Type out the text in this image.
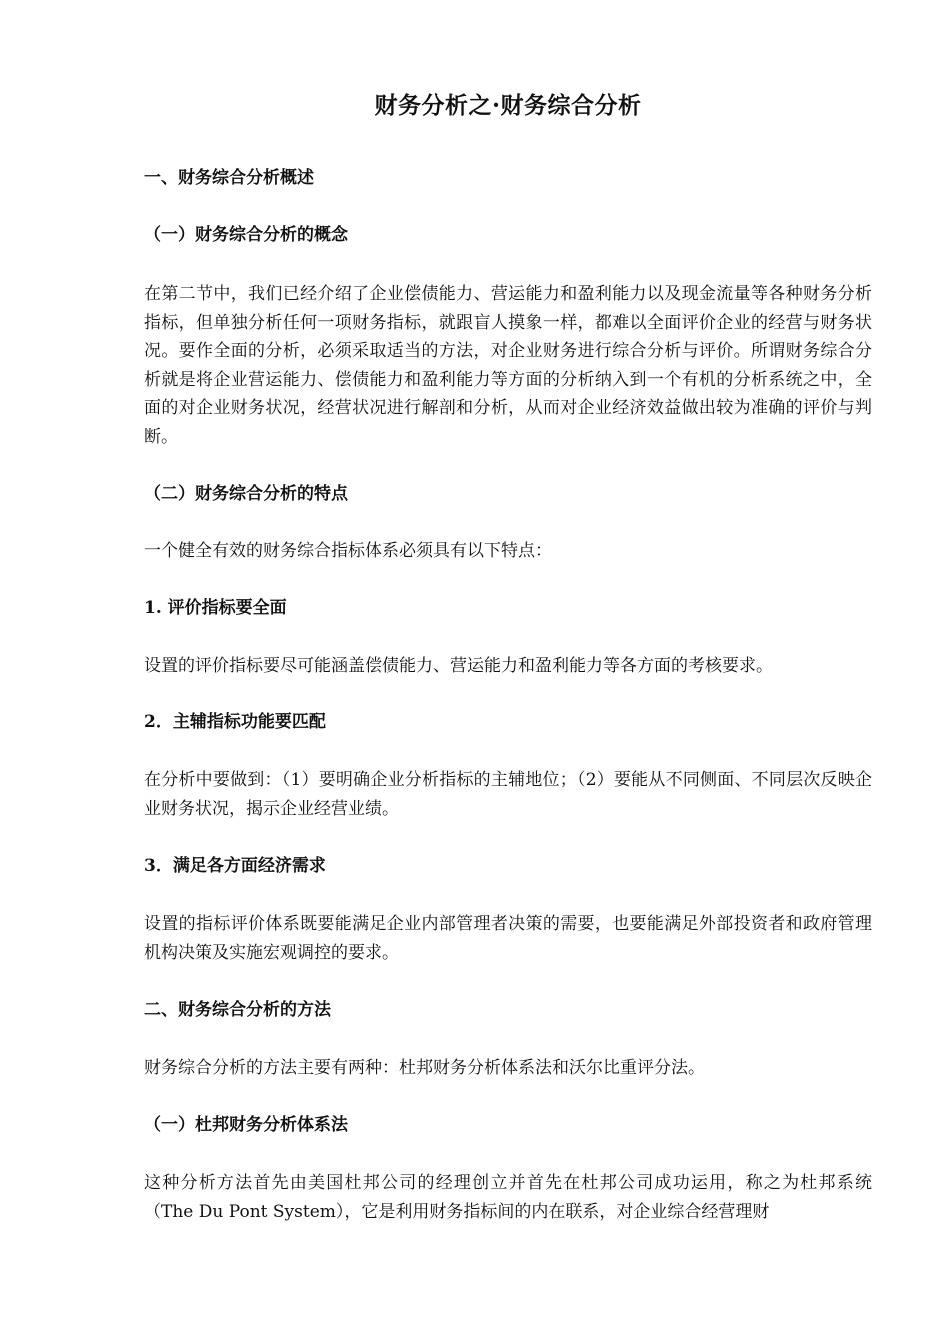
财务分析之·财务综合分析
一、财务综合分析概述
（一）财务综合分析的概念
在第二节中，我们已经介绍了企业偿债能力、营运能力和盈利能力以及现金流量等各种财务分析指标，但单独分析任何一项财务指标，就跟盲人摸象一样，都难以全面评价企业的经营与财务状况。要作全面的分析，必须采取适当的方法，对企业财务进行综合分析与评价。所谓财务综合分析就是将企业营运能力、偿债能力和盈利能力等方面的分析纳入到一个有机的分析系统之中，全面的对企业财务状况，经营状况进行解剖和分析，从而对企业经济效益做出较为准确的评价与判断。
（二）财务综合分析的特点
一个健全有效的财务综合指标体系必须具有以下特点：
1. 评价指标要全面
设置的评价指标要尽可能涵盖偿债能力、营运能力和盈利能力等各方面的考核要求。
2．主辅指标功能要匹配
在分析中要做到：（1）要明确企业分析指标的主辅地位；（2）要能从不同侧面、不同层次反映企业财务状况，揭示企业经营业绩。
3．满足各方面经济需求
设置的指标评价体系既要能满足企业内部管理者决策的需要，也要能满足外部投资者和政府管理机构决策及实施宏观调控的要求。
二、财务综合分析的方法
财务综合分析的方法主要有两种：杜邦财务分析体系法和沃尔比重评分法。
（一）杜邦财务分析体系法
这种分析方法首先由美国杜邦公司的经理创立并首先在杜邦公司成功运用，称之为杜邦系统（The Du Pont System），它是利用财务指标间的内在联系，对企业综合经营理财
